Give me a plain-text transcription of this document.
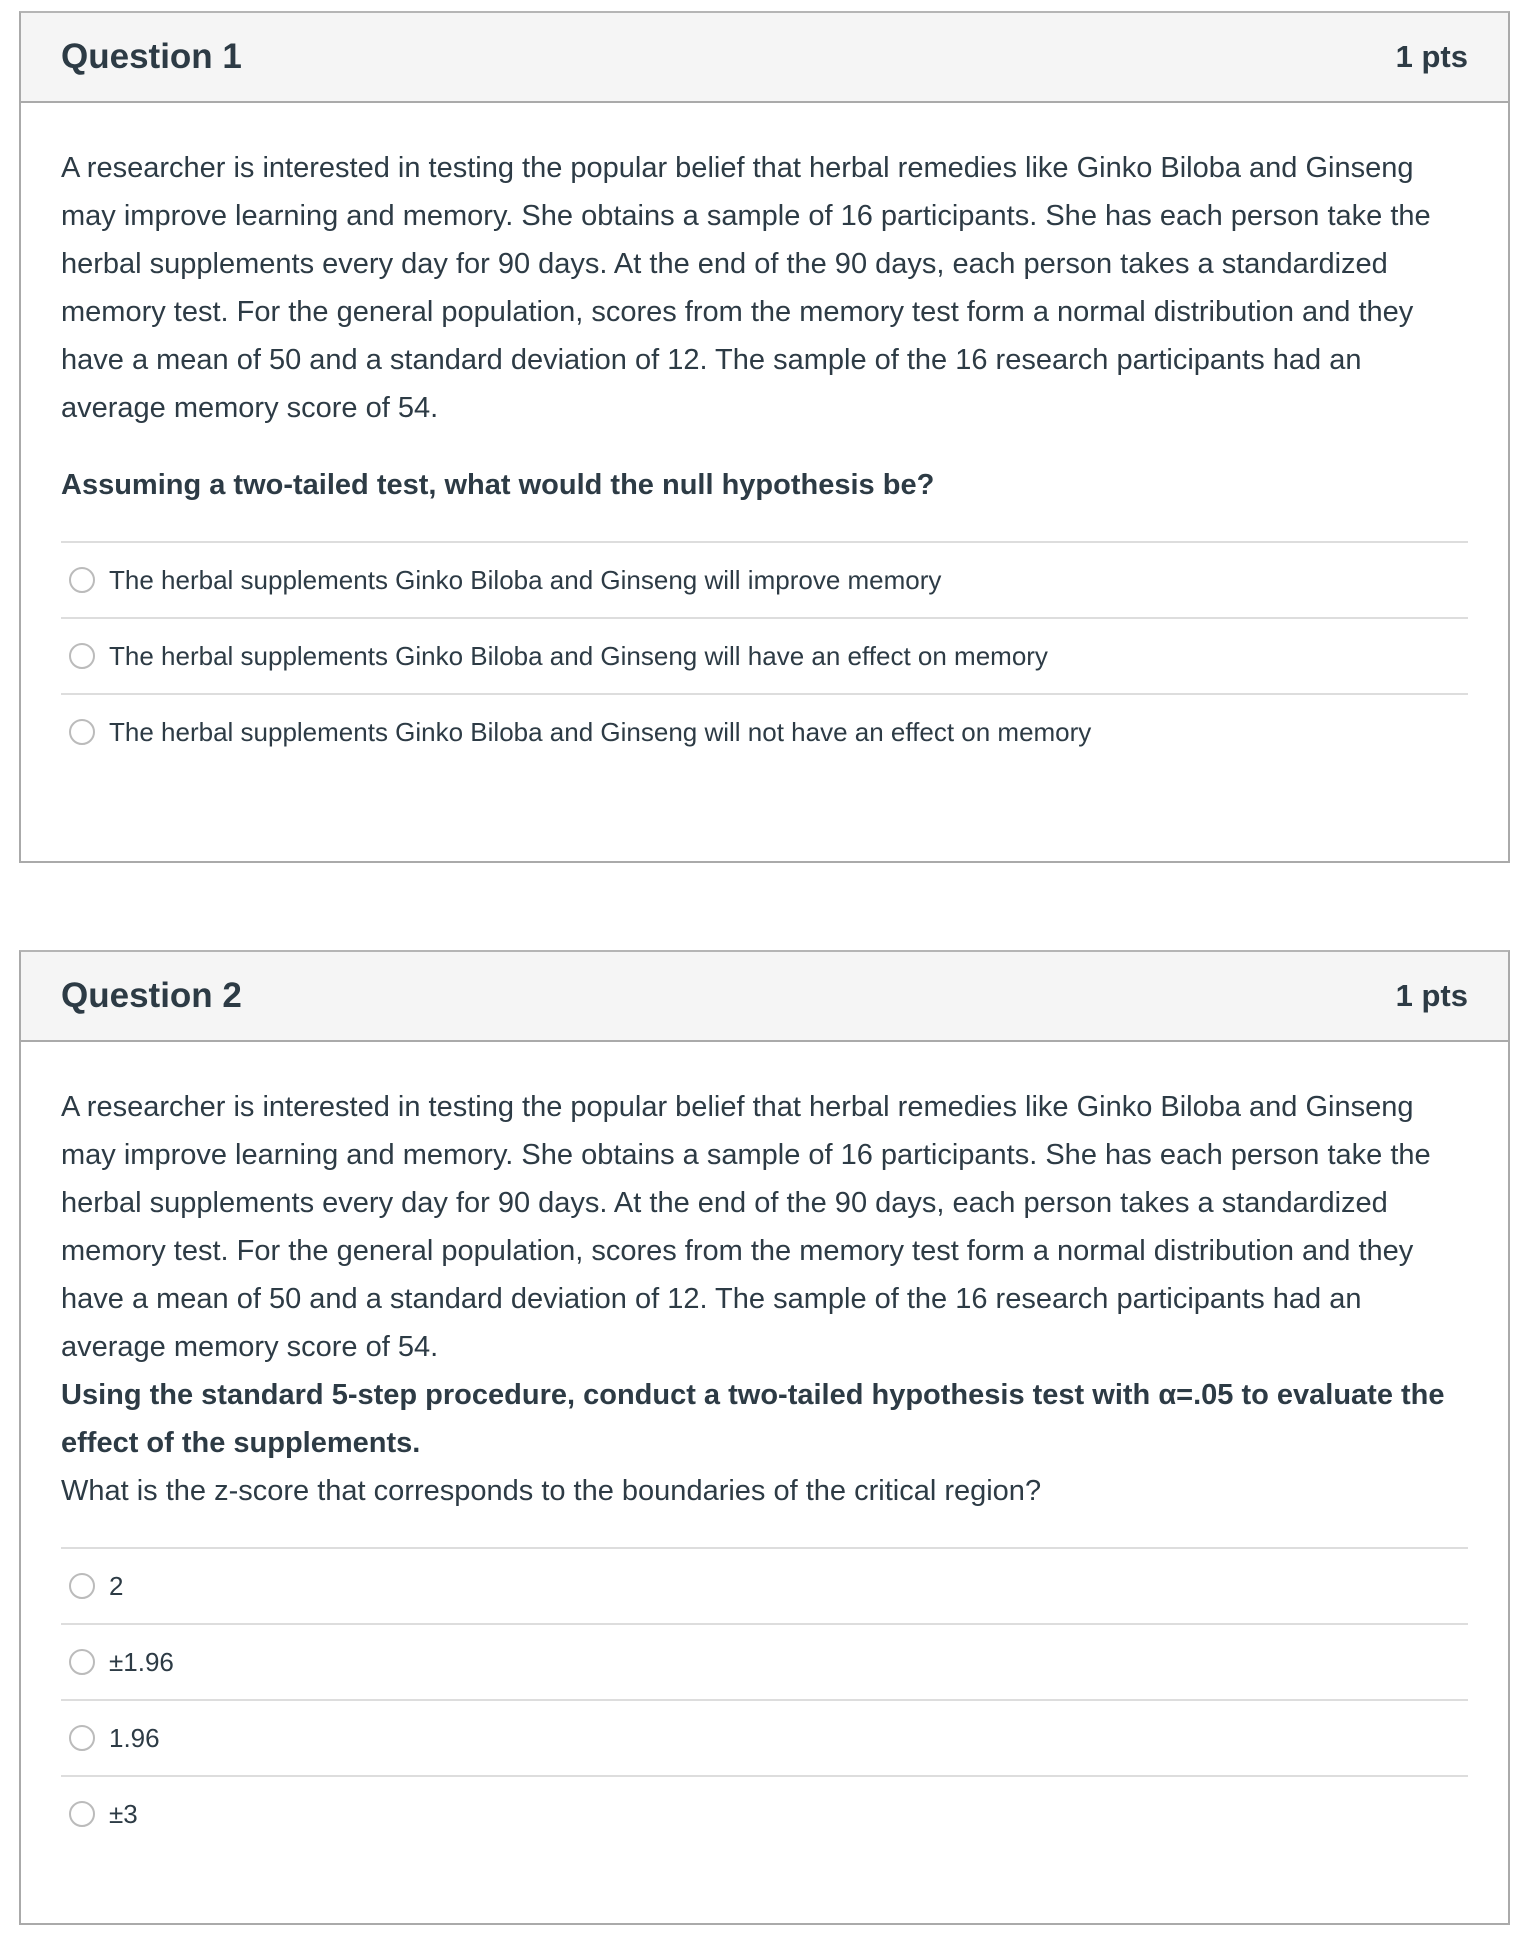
Question 1	1 pts
A researcher is interested in testing the popular belief that herbal remedies like Ginko Biloba and Ginseng may improve learning and memory. She obtains a sample of 16 participants. She has each person take the herbal supplements every day for 90 days. At the end of the 90 days, each person takes a standardized memory test. For the general population, scores from the memory test form a normal distribution and they have a mean of 50 and a standard deviation of 12. The sample of the 16 research participants had an average memory score of 54.
Assuming a two-tailed test, what would the null hypothesis be?
The herbal supplements Ginko Biloba and Ginseng will improve memory
The herbal supplements Ginko Biloba and Ginseng will have an effect on memory
The herbal supplements Ginko Biloba and Ginseng will not have an effect on memory
Question 2	1 pts
A researcher is interested in testing the popular belief that herbal remedies like Ginko Biloba and Ginseng may improve learning and memory. She obtains a sample of 16 participants. She has each person take the herbal supplements every day for 90 days. At the end of the 90 days, each person takes a standardized memory test. For the general population, scores from the memory test form a normal distribution and they have a mean of 50 and a standard deviation of 12. The sample of the 16 research participants had an average memory score of 54.
Using the standard 5-step procedure, conduct a two-tailed hypothesis test with α=.05 to evaluate the effect of the supplements.
What is the z-score that corresponds to the boundaries of the critical region?
2
±1.96
1.96
±3
